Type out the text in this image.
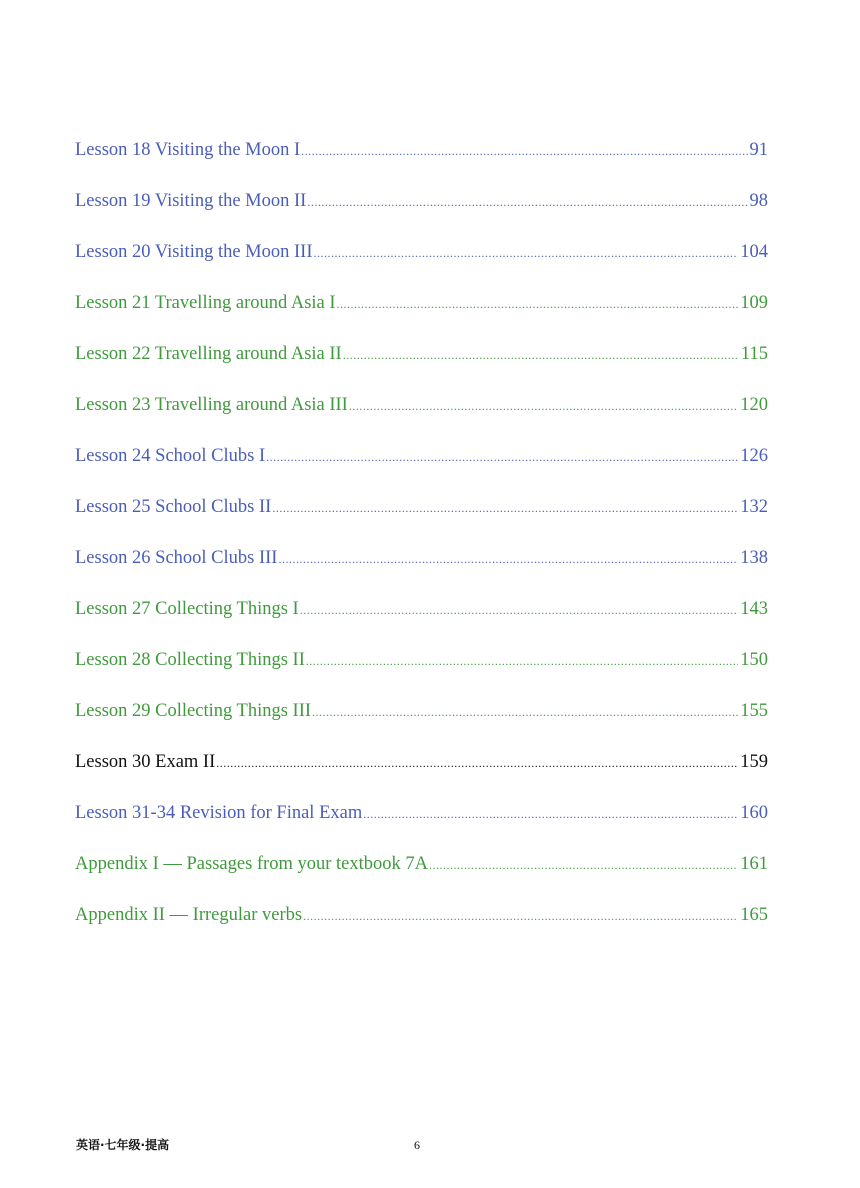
Lesson 18 Visiting the Moon I .....	91
Lesson 19 Visiting the Moon II .....	98
Lesson 20 Visiting the Moon III .....	104
Lesson 21 Travelling around Asia I .....	109
Lesson 22 Travelling around Asia II .....	115
Lesson 23 Travelling around Asia III .....	120
Lesson 24 School Clubs I .....	126
Lesson 25 School Clubs II .....	132
Lesson 26 School Clubs III .....	138
Lesson 27 Collecting Things I .....	143
Lesson 28 Collecting Things II .....	150
Lesson 29 Collecting Things III .....	155
Lesson 30 Exam II .....	159
Lesson 31-34 Revision for Final Exam .....	160
Appendix I — Passages from your textbook 7A .....	161
Appendix II — Irregular verbs .....	165
英语·七年级·提高	6
